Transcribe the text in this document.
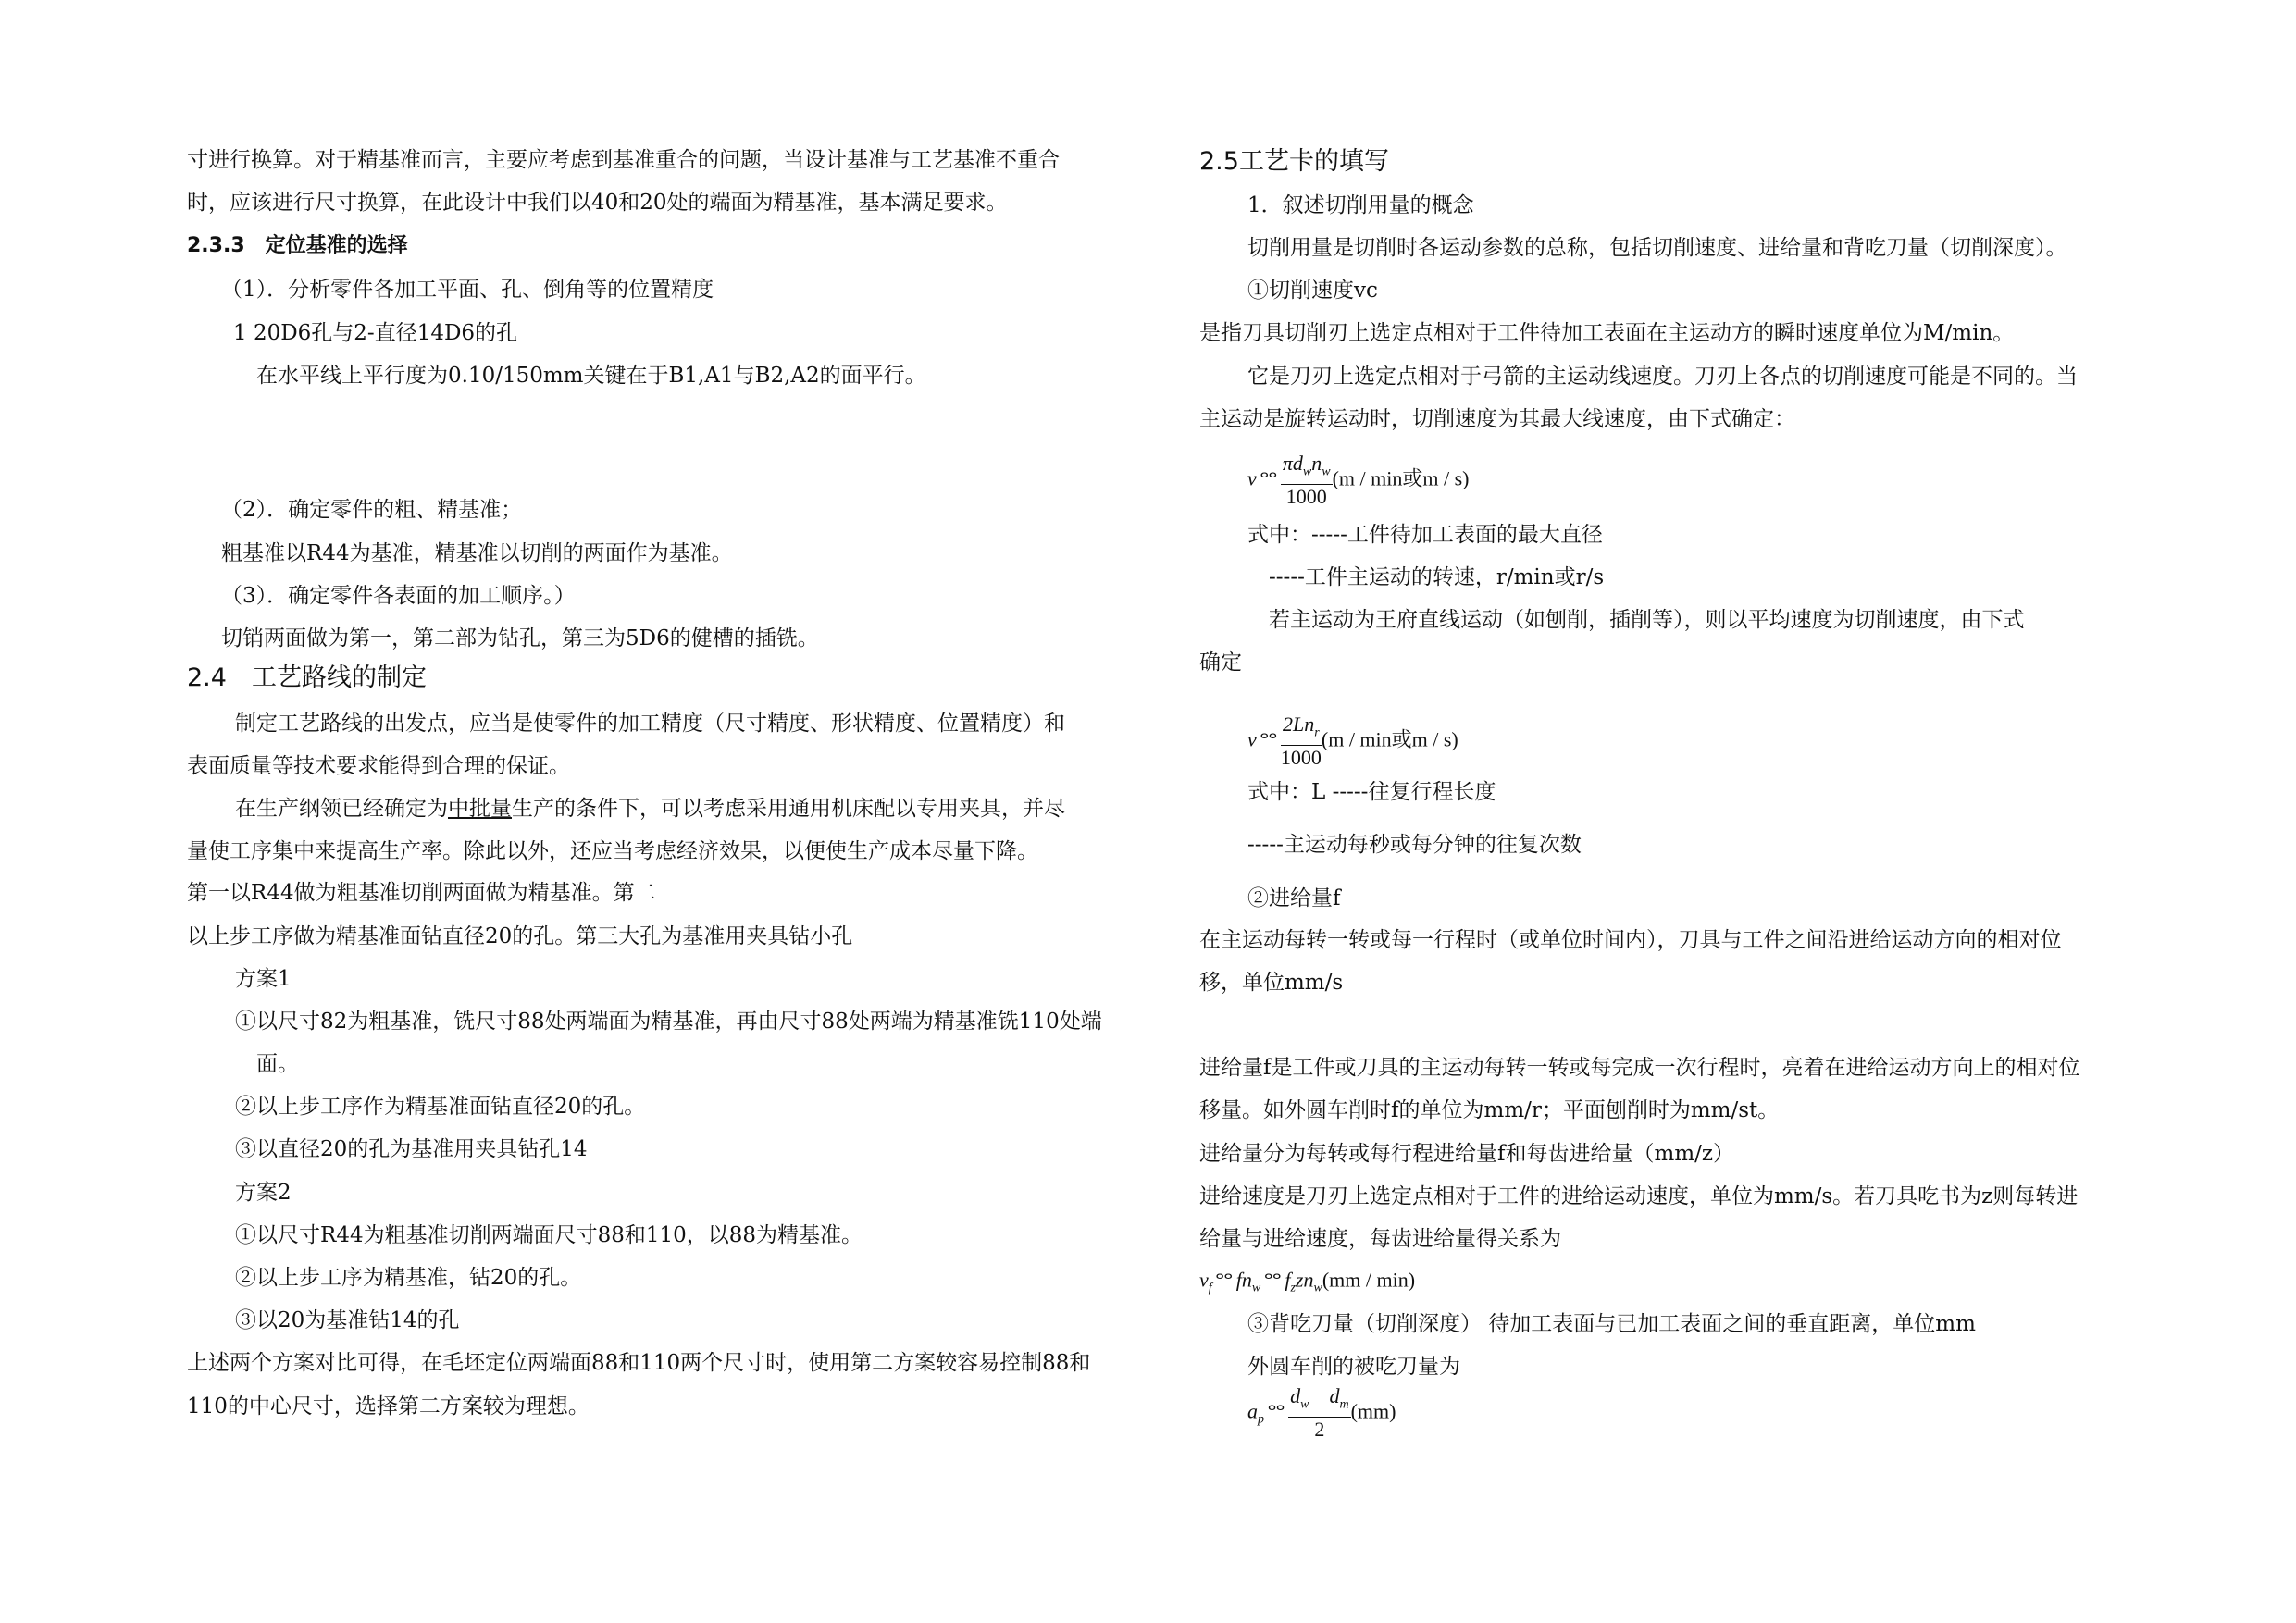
寸进行换算。对于精基准而言，主要应考虑到基准重合的问题，当设计基准与工艺基准不重合
时，应该进行尺寸换算，在此设计中我们以40和20处的端面为精基准，基本满足要求。
2.3.3　定位基准的选择
（1）．分析零件各加工平面、孔、倒角等的位置精度
1 20D6孔与2-直径14D6的孔
在水平线上平行度为0.10/150mm关键在于B1,A1与B2,A2的面平行。
（2）．确定零件的粗、精基准；
粗基准以R44为基准，精基准以切削的两面作为基准。
（3）．确定零件各表面的加工顺序。）
切销两面做为第一，第二部为钻孔，第三为5D6的健槽的插铣。
2.4　工艺路线的制定
制定工艺路线的出发点，应当是使零件的加工精度（尺寸精度、形状精度、位置精度）和
表面质量等技术要求能得到合理的保证。
在生产纲领已经确定为中批量生产的条件下，可以考虑采用通用机床配以专用夹具，并尽
量使工序集中来提高生产率。除此以外，还应当考虑经济效果，以便使生产成本尽量下降。
第一以R44做为粗基准切削两面做为精基准。第二
以上步工序做为精基准面钻直径20的孔。第三大孔为基准用夹具钻小孔
方案1
①以尺寸82为粗基准，铣尺寸88处两端面为精基准，再由尺寸88处两端为精基准铣110处端
面。
②以上步工序作为精基准面钻直径20的孔。
③以直径20的孔为基准用夹具钻孔14
方案2
①以尺寸R44为粗基准切削两端面尺寸88和110，以88为精基准。
②以上步工序为精基准，钻20的孔。
③以20为基准钻14的孔
上述两个方案对比可得，在毛坯定位两端面88和110两个尺寸时，使用第二方案较容易控制88和
110的中心尺寸，选择第二方案较为理想。
2.5工艺卡的填写
1．叙述切削用量的概念
切削用量是切削时各运动参数的总称，包括切削速度、进给量和背吃刀量（切削深度）。
①切削速度vc
是指刀具切削刃上选定点相对于工件待加工表面在主运动方的瞬时速度单位为M/min。
它是刀刃上选定点相对于弓箭的主运动线速度。刀刃上各点的切削速度可能是不同的。当
主运动是旋转运动时，切削速度为其最大线速度，由下式确定：
v $^{ⴰⴰ} \frac{\pi d_wn_w}{1000} (m$ / min或m / s)
式中：-----工件待加工表面的最大直径
-----工件主运动的转速，r/min或r/s
若主运动为王府直线运动（如刨削，插削等），则以平均速度为切削速度，由下式
确定
v $^{ⴰⴰ} \frac{2Ln_r}{1000} (m$ / min或m / s)
式中：L -----往复行程长度
-----主运动每秒或每分钟的往复次数
②进给量f
在主运动每转一转或每一行程时（或单位时间内），刀具与工件之间沿进给运动方向的相对位
移，单位mm/s
进给量f是工件或刀具的主运动每转一转或每完成一次行程时，亮着在进给运动方向上的相对位
移量。如外圆车削时f的单位为mm/r；平面刨削时为mm/st。
进给量分为每转或每行程进给量f和每齿进给量（mm/z）
进给速度是刀刃上选定点相对于工件的进给运动速度，单位为mm/s。若刀具吃书为z则每转进
给量与进给速度，每齿进给量得关系为
$v_f^{ⴰⴰ}$ $fn_w^{ⴰⴰ}$ $f_zzn_w(mm / \min)$
③背吃刀量（切削深度） 待加工表面与已加工表面之间的垂直距离，单位mm
外圆车削的被吃刀量为
$a_p^{ⴰⴰ} \frac{d_w d_m}{2} (mm)$
